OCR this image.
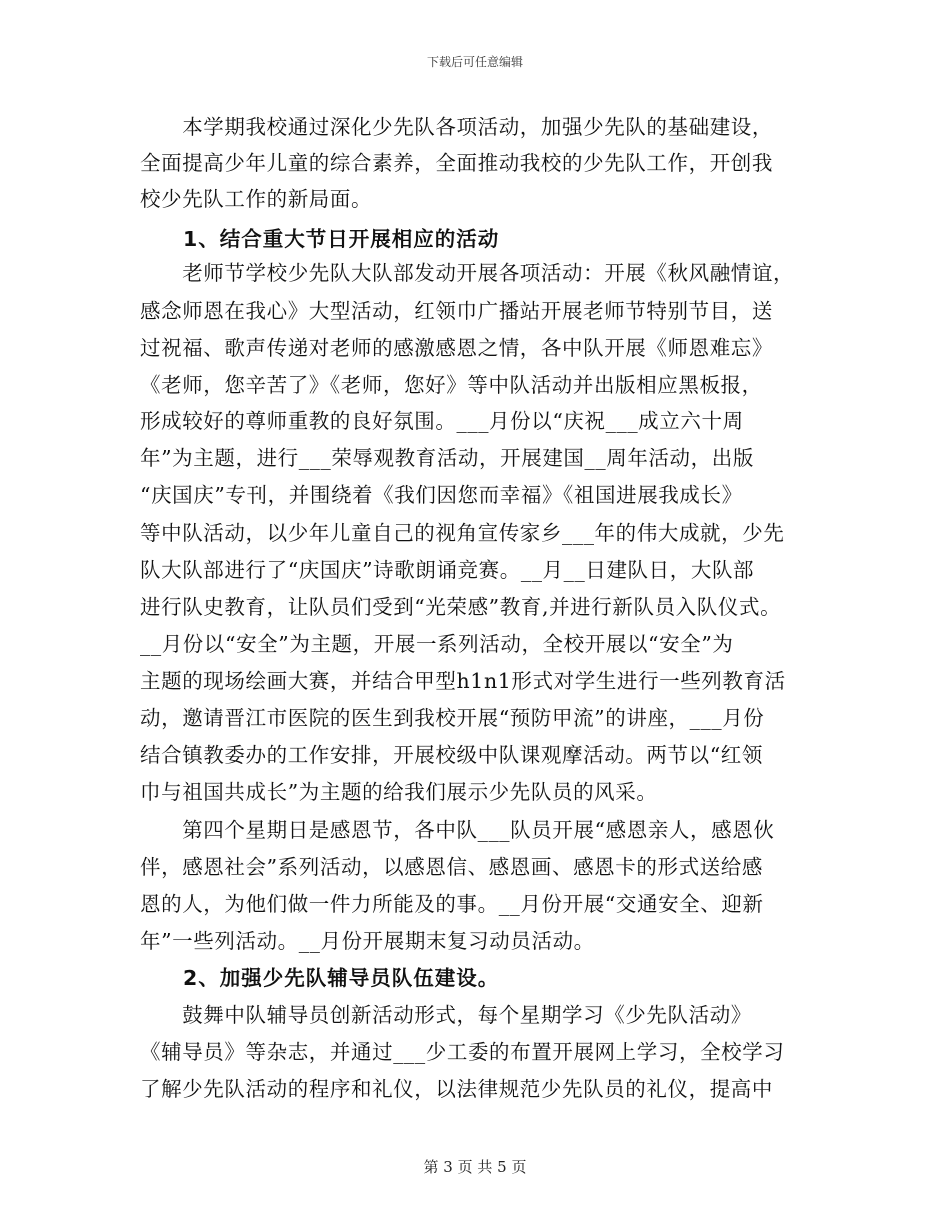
下载后可任意编辑
　　本学期我校通过深化少先队各项活动，加强少先队的基础建设，
全面提高少年儿童的综合素养，全面推动我校的少先队工作，开创我
校少先队工作的新局面。
　　1、结合重大节日开展相应的活动
　　老师节学校少先队大队部发动开展各项活动：开展《秋风融情谊，
感念师恩在我心》大型活动，红领巾广播站开展老师节特别节目，送
过祝福、歌声传递对老师的感激感恩之情，各中队开展《师恩难忘》
《老师，您辛苦了》《老师，您好》等中队活动并出版相应黑板报，
形成较好的尊师重教的良好氛围。___月份以“庆祝___成立六十周
年”为主题，进行___荣辱观教育活动，开展建国__周年活动，出版
“庆国庆”专刊，并围绕着《我们因您而幸福》《祖国进展我成长》
等中队活动，以少年儿童自己的视角宣传家乡___年的伟大成就，少先
队大队部进行了“庆国庆”诗歌朗诵竞赛。__月__日建队日，大队部
进行队史教育，让队员们受到“光荣感”教育,并进行新队员入队仪式。
__月份以“安全”为主题，开展一系列活动，全校开展以“安全”为
主题的现场绘画大赛，并结合甲型h1n1形式对学生进行一些列教育活
动，邀请晋江市医院的医生到我校开展“预防甲流”的讲座，___月份
结合镇教委办的工作安排，开展校级中队课观摩活动。两节以“红领
巾与祖国共成长”为主题的给我们展示少先队员的风采。
　　第四个星期日是感恩节，各中队___队员开展“感恩亲人，感恩伙
伴，感恩社会”系列活动，以感恩信、感恩画、感恩卡的形式送给感
恩的人，为他们做一件力所能及的事。__月份开展“交通安全、迎新
年”一些列活动。__月份开展期末复习动员活动。
　　2、加强少先队辅导员队伍建设。
　　鼓舞中队辅导员创新活动形式，每个星期学习《少先队活动》
《辅导员》等杂志，并通过___少工委的布置开展网上学习，全校学习
了解少先队活动的程序和礼仪，以法律规范少先队员的礼仪，提高中
第 3 页 共 5 页
